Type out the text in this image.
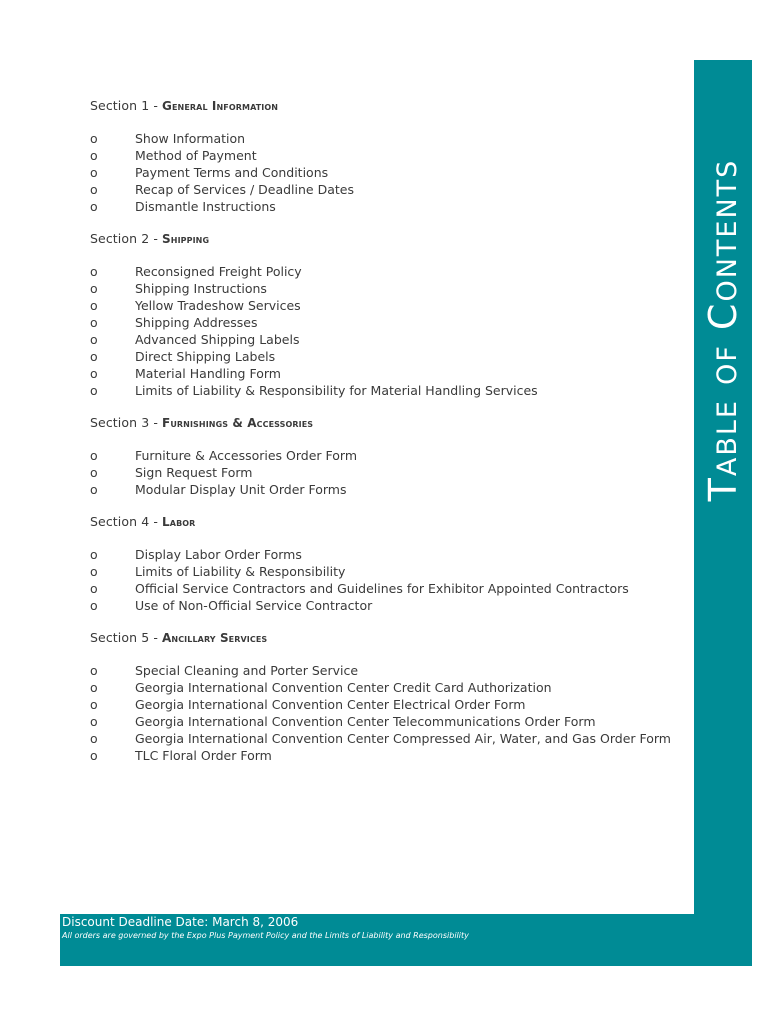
Section 1 - General Information
o	Show Information
o	Method of Payment
o	Payment Terms and Conditions
o	Recap of Services / Deadline Dates
o	Dismantle Instructions
Section 2 - Shipping
o	Reconsigned Freight Policy
o	Shipping Instructions
o	Yellow Tradeshow Services
o	Shipping Addresses
o	Advanced Shipping Labels
o	Direct Shipping Labels
o	Material Handling Form
o	Limits of Liability & Responsibility for Material Handling Services
Section 3 - Furnishings & Accessories
o	Furniture & Accessories Order Form
o	Sign Request Form
o	Modular Display Unit Order Forms
Section 4 - Labor
o	Display Labor Order Forms
o	Limits of Liability & Responsibility
o	Official Service Contractors and Guidelines for Exhibitor Appointed Contractors
o	Use of Non-Official Service Contractor
Section 5 - Ancillary Services
o	Special Cleaning and Porter Service
o	Georgia International Convention Center Credit Card Authorization
o	Georgia International Convention Center Electrical Order Form
o	Georgia International Convention Center Telecommunications Order Form
o	Georgia International Convention Center Compressed Air, Water, and Gas Order Form
o	TLC Floral Order Form
Table of Contents
Discount Deadline Date: March 8, 2006
All orders are governed by the Expo Plus Payment Policy and the Limits of Liability and Responsibility
